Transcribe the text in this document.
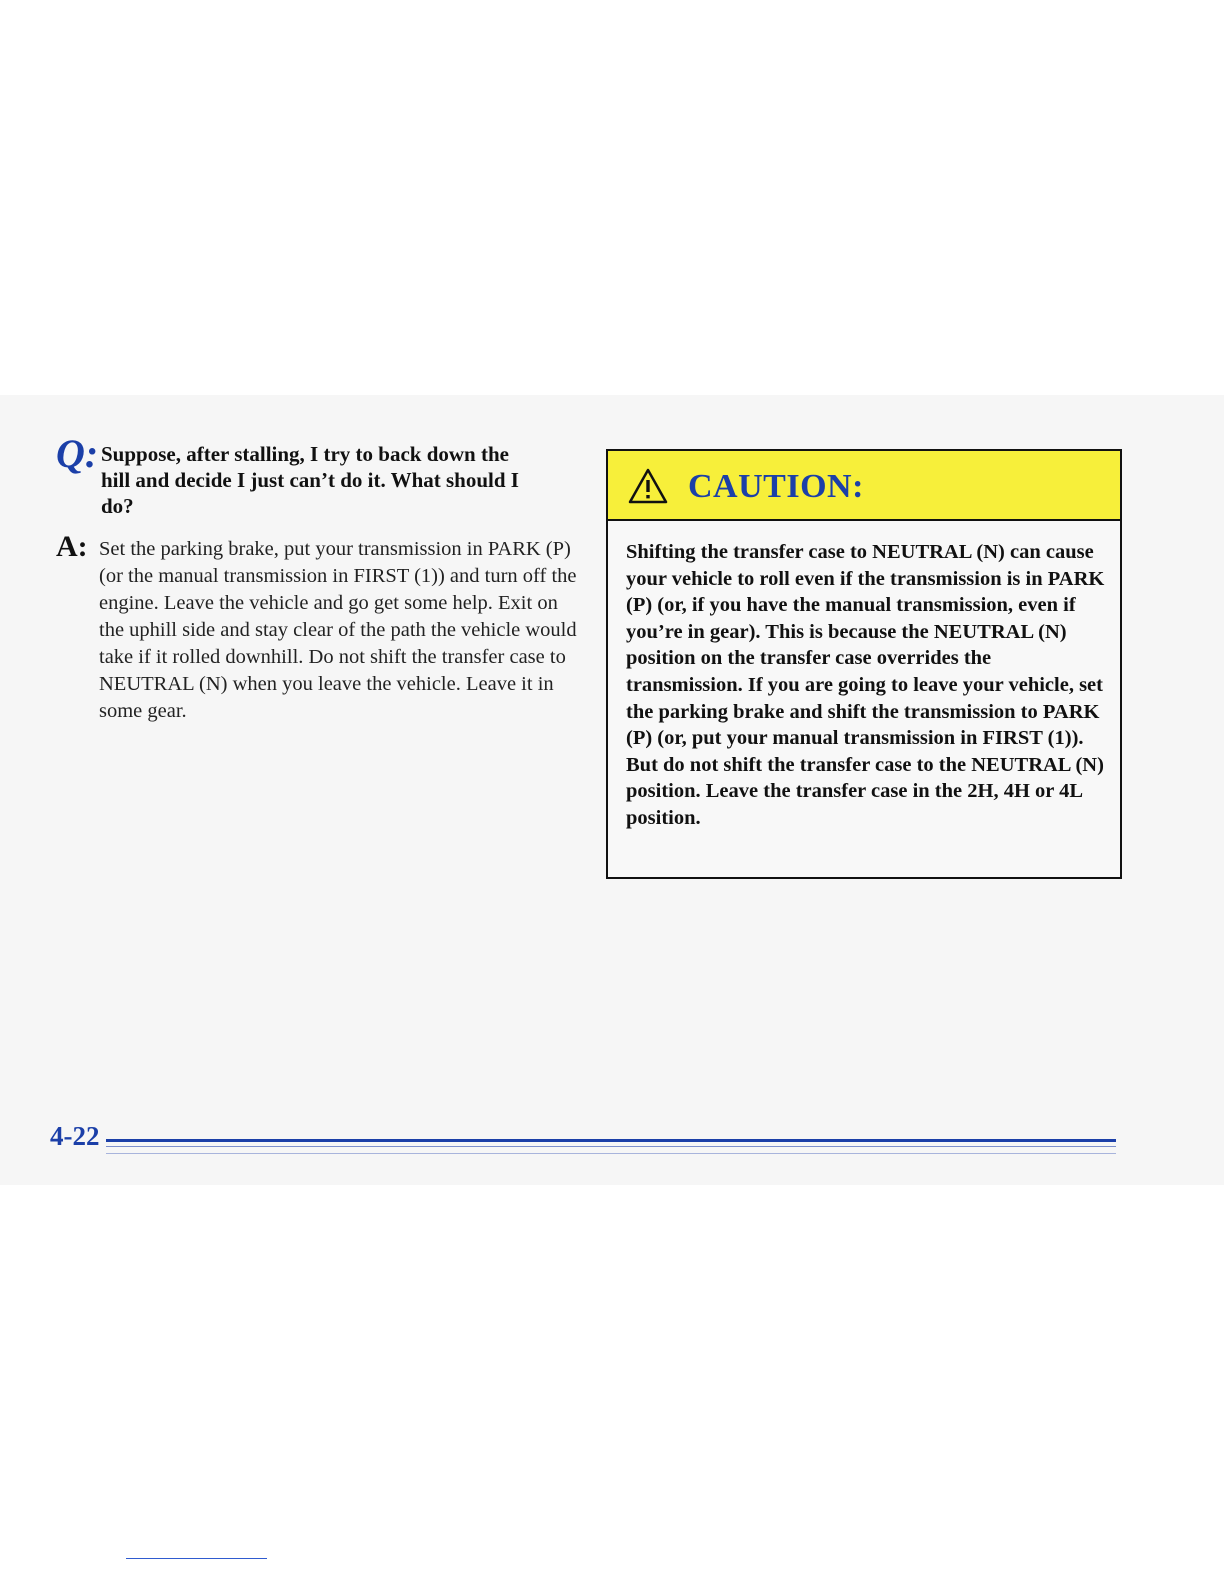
Q: Suppose, after stalling, I try to back down the hill and decide I just can’t do it. What should I do?
A: Set the parking brake, put your transmission in PARK (P) (or the manual transmission in FIRST (1)) and turn off the engine. Leave the vehicle and go get some help. Exit on the uphill side and stay clear of the path the vehicle would take if it rolled downhill. Do not shift the transfer case to NEUTRAL (N) when you leave the vehicle. Leave it in some gear.
CAUTION:
Shifting the transfer case to NEUTRAL (N) can cause your vehicle to roll even if the transmission is in PARK (P) (or, if you have the manual transmission, even if you’re in gear). This is because the NEUTRAL (N) position on the transfer case overrides the transmission. If you are going to leave your vehicle, set the parking brake and shift the transmission to PARK (P) (or, put your manual transmission in FIRST (1)). But do not shift the transfer case to the NEUTRAL (N) position. Leave the transfer case in the 2H, 4H or 4L position.
4-22
